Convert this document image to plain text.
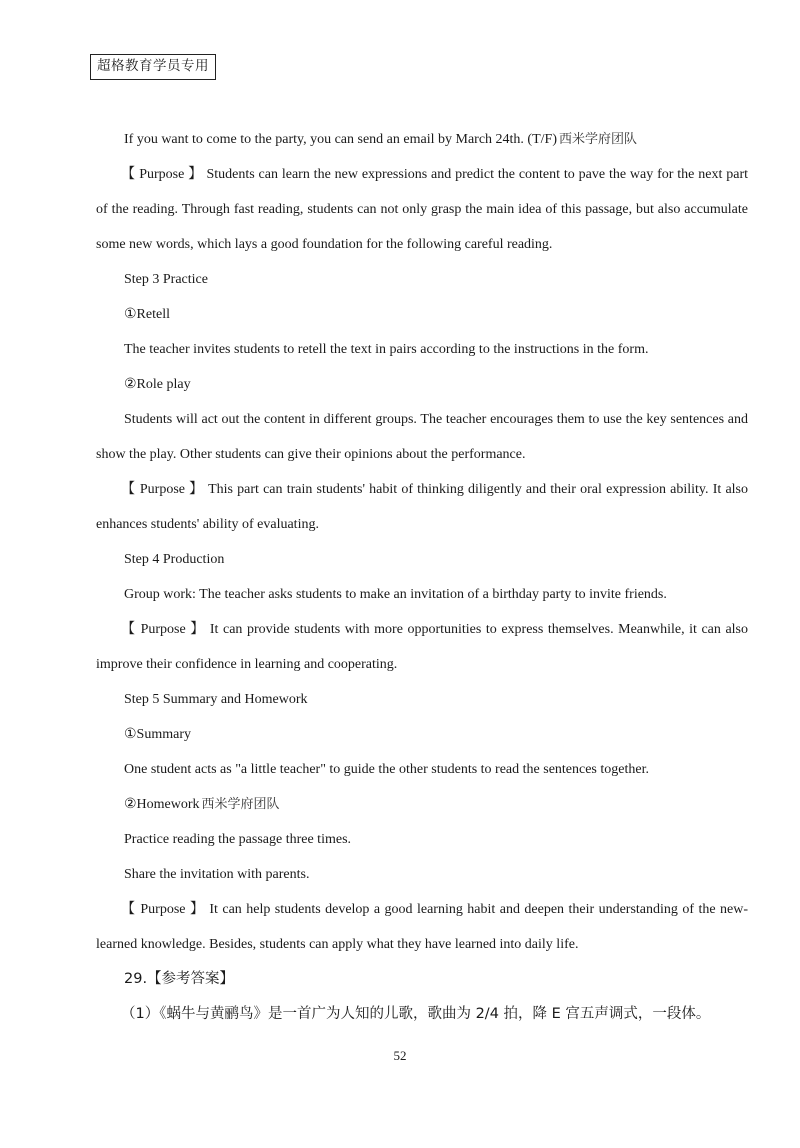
超格教育学员专用

If you want to come to the party, you can send an email by March 24th. (T/F) 西米学府团队

【 Purpose 】 Students can learn the new expressions and predict the content to pave the way for the next part of the reading. Through fast reading, students can not only grasp the main idea of this passage, but also accumulate some new words, which lays a good foundation for the following careful reading.

Step 3 Practice

①Retell

The teacher invites students to retell the text in pairs according to the instructions in the form.

②Role play

Students will act out the content in different groups. The teacher encourages them to use the key sentences and show the play. Other students can give their opinions about the performance.

【 Purpose 】 This part can train students' habit of thinking diligently and their oral expression ability. It also enhances students' ability of evaluating.

Step 4 Production

Group work: The teacher asks students to make an invitation of a birthday party to invite friends.

【 Purpose 】 It can provide students with more opportunities to express themselves. Meanwhile, it can also improve their confidence in learning and cooperating.

Step 5 Summary and Homework

①Summary

One student acts as "a little teacher" to guide the other students to read the sentences together.

②Homework 西米学府团队

Practice reading the passage three times.

Share the invitation with parents.

【 Purpose 】 It can help students develop a good learning habit and deepen their understanding of the new-learned knowledge. Besides, students can apply what they have learned into daily life.

29.【参考答案】

（1）《蜗牛与黄鹂鸟》是一首广为人知的儿歌，歌曲为 2/4 拍，降 E 宫五声调式，一段体。

52
